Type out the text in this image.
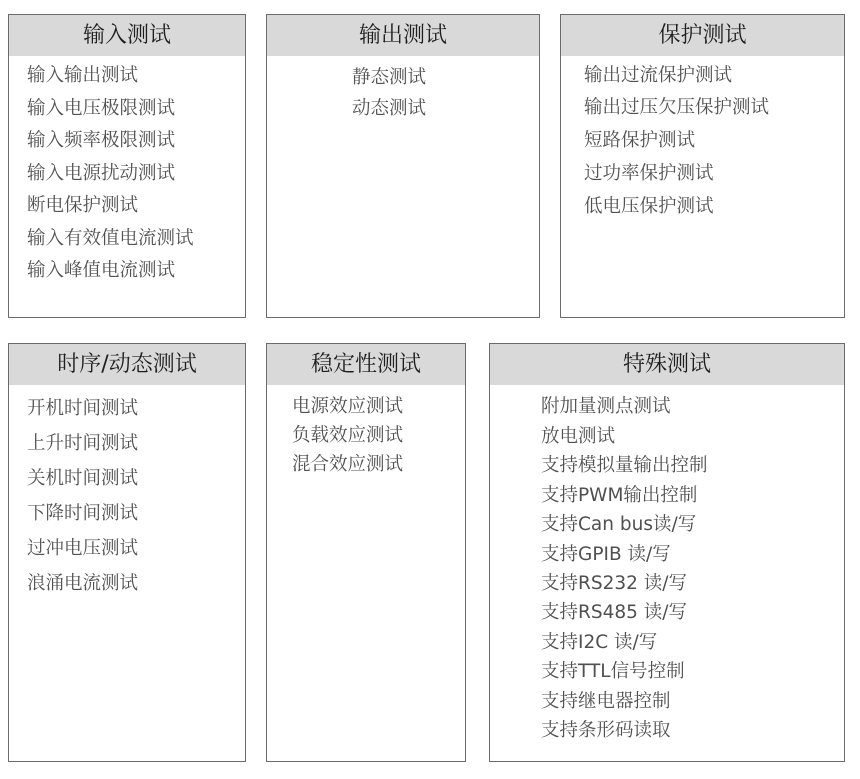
输入测试
输入输出测试
输入电压极限测试
输入频率极限测试
输入电源扰动测试
断电保护测试
输入有效值电流测试
输入峰值电流测试
输出测试
静态测试
动态测试
保护测试
输出过流保护测试
输出过压欠压保护测试
短路保护测试
过功率保护测试
低电压保护测试
时序/动态测试
开机时间测试
上升时间测试
关机时间测试
下降时间测试
过冲电压测试
浪涌电流测试
稳定性测试
电源效应测试
负载效应测试
混合效应测试
特殊测试
附加量测点测试
放电测试
支持模拟量输出控制
支持PWM输出控制
支持Can bus读/写
支持GPIB 读/写
支持RS232 读/写
支持RS485 读/写
支持I2C 读/写
支持TTL信号控制
支持继电器控制
支持条形码读取
